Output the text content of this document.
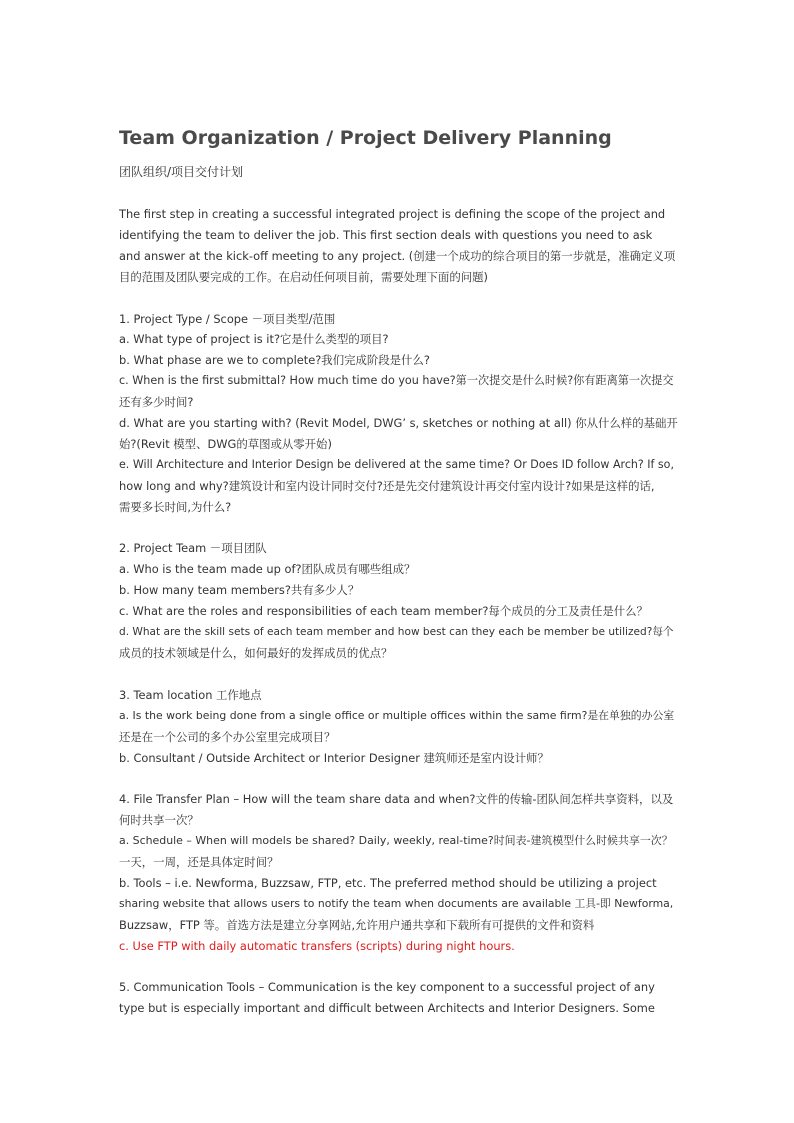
Team Organization / Project Delivery Planning
团队组织/项目交付计划
The first step in creating a successful integrated project is defining the scope of the project and
identifying the team to deliver the job. This first section deals with questions you need to ask
and answer at the kick-off meeting to any project. (创建一个成功的综合项目的第一步就是，准确定义项
目的范围及团队要完成的工作。在启动任何项目前，需要处理下面的问题)
1. Project Type / Scope －项目类型/范围
a. What type of project is it?它是什么类型的项目?
b. What phase are we to complete?我们完成阶段是什么?
c. When is the first submittal? How much time do you have?第一次提交是什么时候?你有距离第一次提交
还有多少时间?
d. What are you starting with? (Revit Model, DWG’ s, sketches or nothing at all) 你从什么样的基础开
始?(Revit 模型、DWG的草图或从零开始)
e. Will Architecture and Interior Design be delivered at the same time? Or Does ID follow Arch? If so,
how long and why?建筑设计和室内设计同时交付?还是先交付建筑设计再交付室内设计?如果是这样的话,
需要多长时间,为什么?
2. Project Team －项目团队
a. Who is the team made up of?团队成员有哪些组成？
b. How many team members?共有多少人？
c. What are the roles and responsibilities of each team member?每个成员的分工及责任是什么？
d. What are the skill sets of each team member and how best can they each be member be utilized?每个
成员的技术领域是什么，如何最好的发挥成员的优点？
3. Team location 工作地点
a. Is the work being done from a single office or multiple offices within the same firm?是在单独的办公室
还是在一个公司的多个办公室里完成项目？
b. Consultant / Outside Architect or Interior Designer 建筑师还是室内设计师？
4. File Transfer Plan – How will the team share data and when?文件的传输-团队间怎样共享资料，以及
何时共享一次？
a. Schedule – When will models be shared? Daily, weekly, real-time?时间表-建筑模型什么时候共享一次？
一天，一周，还是具体定时间？
b. Tools – i.e. Newforma, Buzzsaw, FTP, etc. The preferred method should be utilizing a project
sharing website that allows users to notify the team when documents are available 工具-即 Newforma,
Buzzsaw，FTP 等。首选方法是建立分享网站,允许用户通共享和下载所有可提供的文件和资料
c. Use FTP with daily automatic transfers (scripts) during night hours.
5. Communication Tools – Communication is the key component to a successful project of any
type but is especially important and difficult between Architects and Interior Designers. Some
